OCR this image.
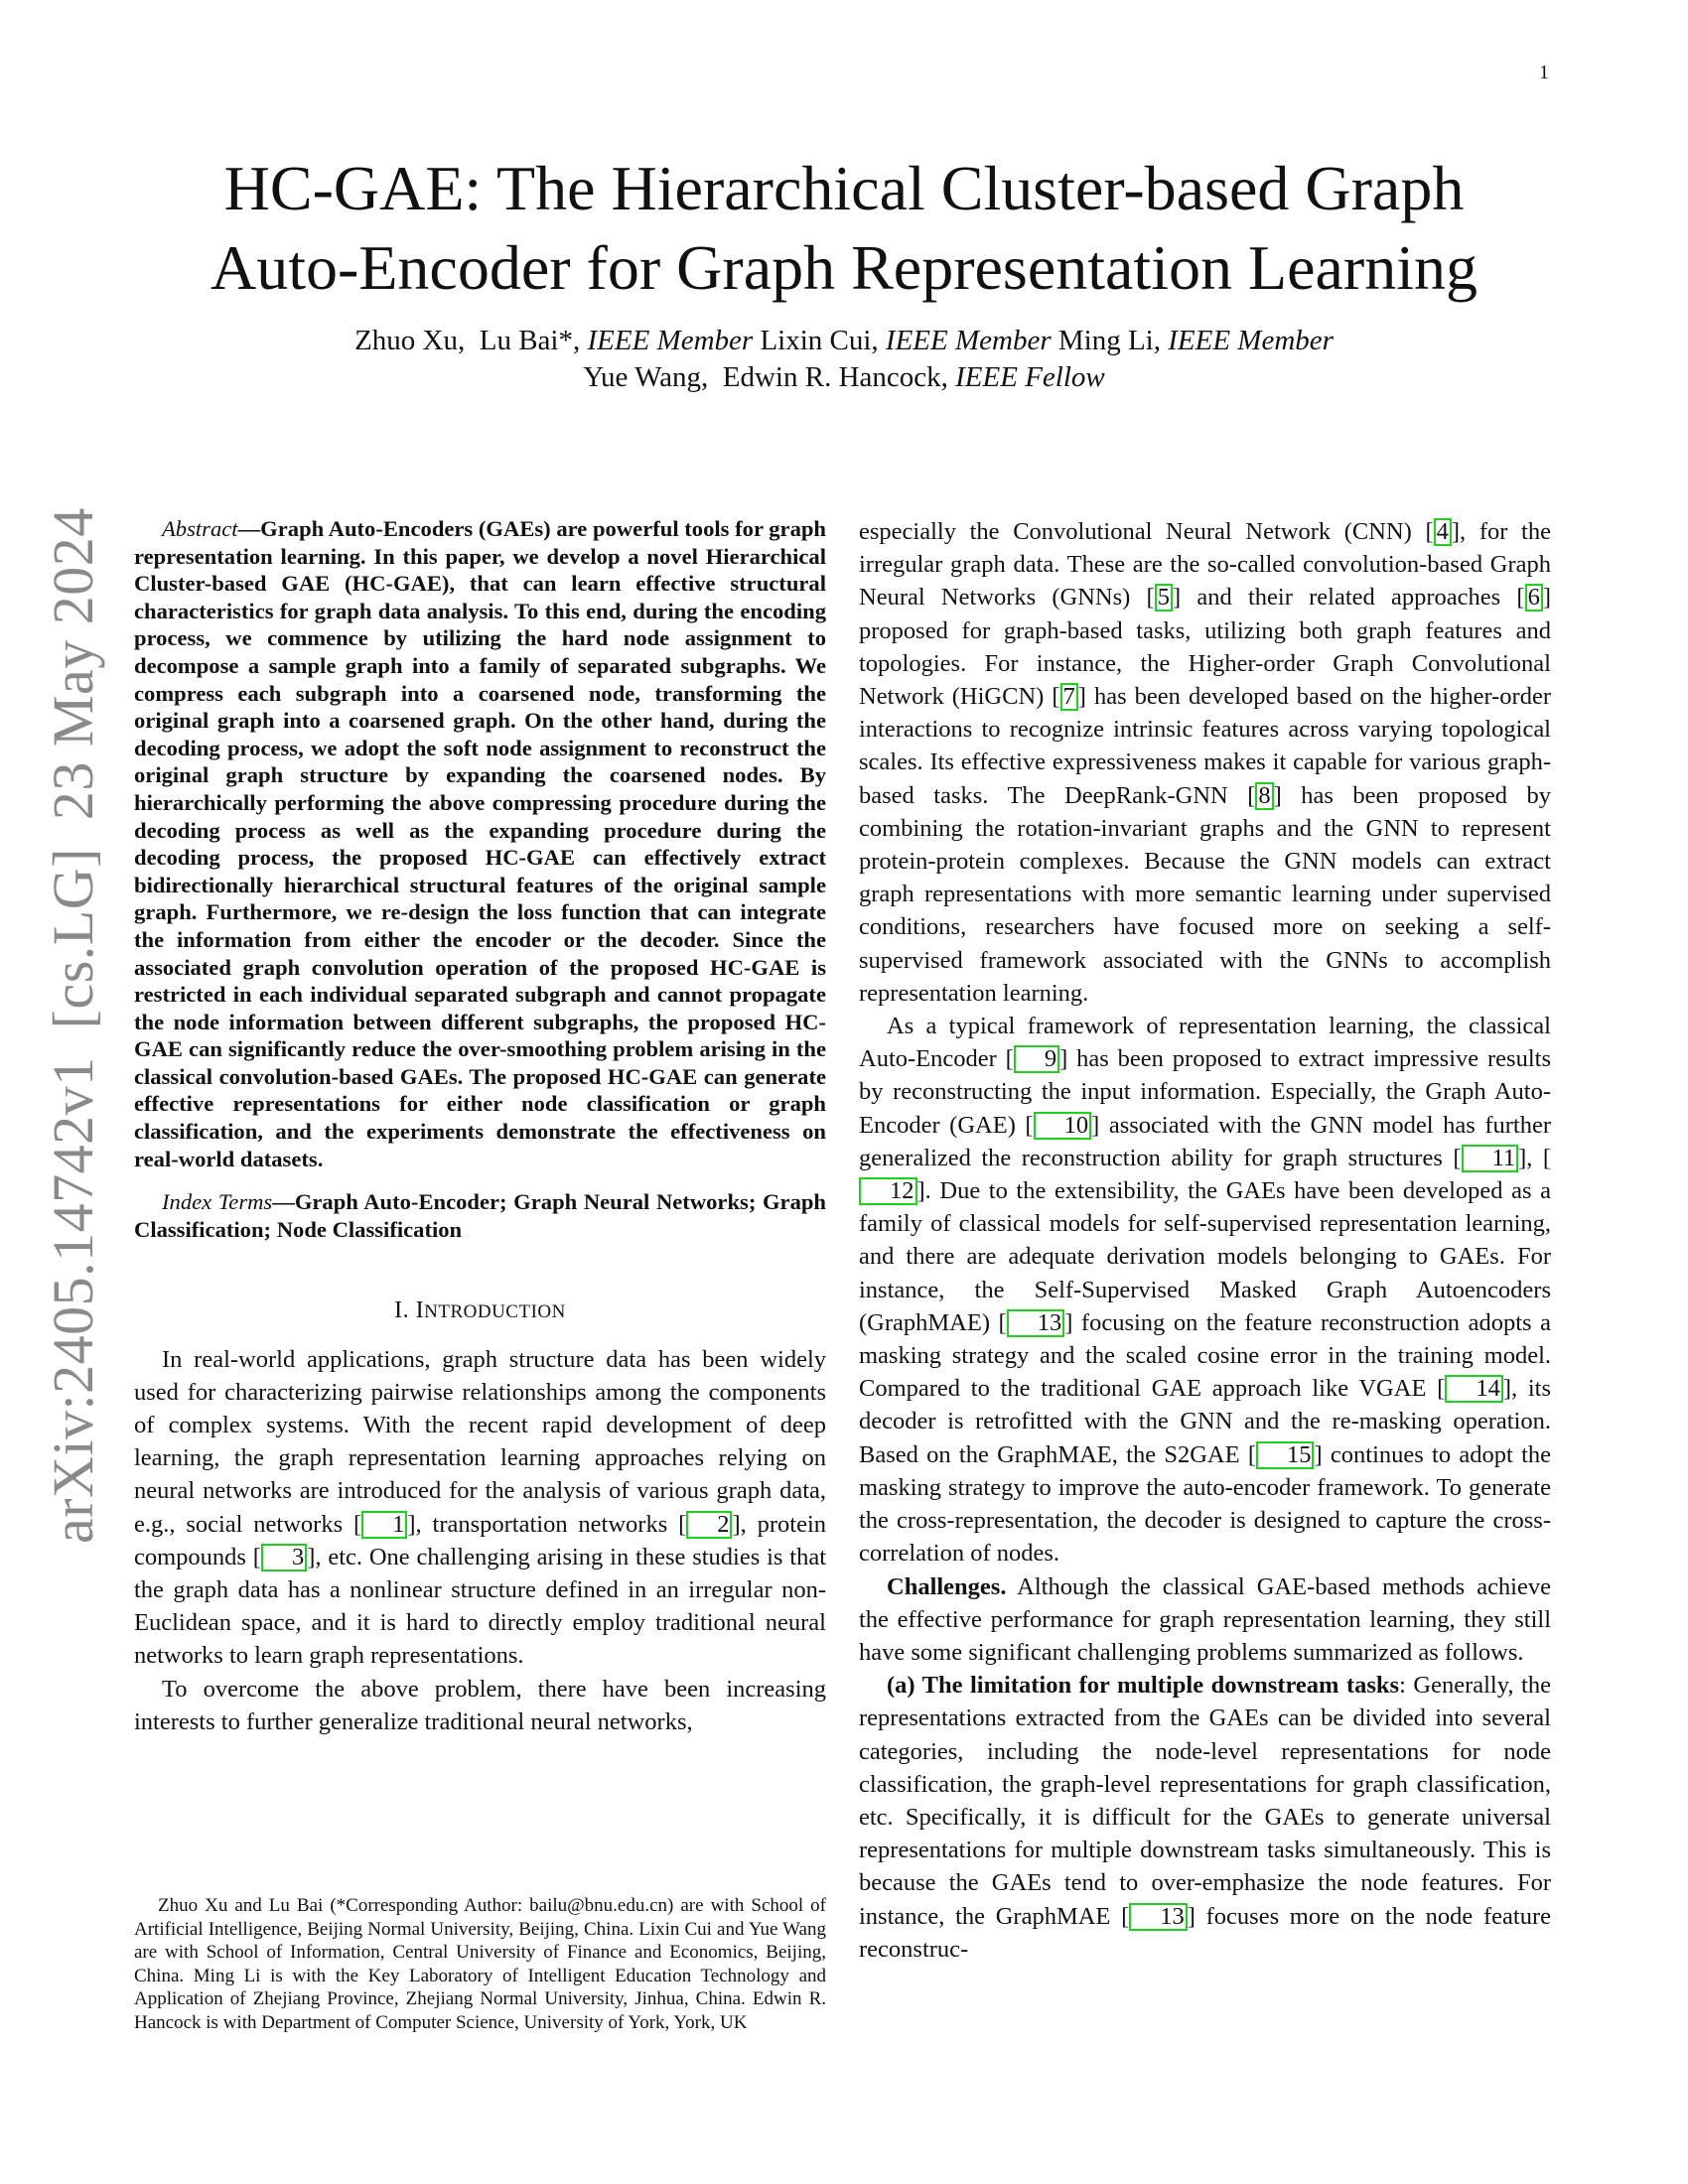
1
arXiv:2405.14742v1[cs.LG]23 May 2024
HC-GAE: The Hierarchical Cluster-based Graph
Auto-Encoder for Graph Representation Learning
Zhuo Xu, Lu Bai*, IEEE Member Lixin Cui, IEEE Member Ming Li, IEEE Member
Yue Wang, Edwin R. Hancock, IEEE Fellow

Abstract—Graph Auto-Encoders (GAEs) are powerful tools for graph representation learning. In this paper, we develop a novel Hierarchical Cluster-based GAE (HC-GAE), that can learn effective structural characteristics for graph data analysis. To this end, during the encoding process, we commence by utilizing the hard node assignment to decompose a sample graph into a family of separated subgraphs. We compress each subgraph into a coarsened node, transforming the original graph into a coarsened graph. On the other hand, during the decoding process, we adopt the soft node assignment to reconstruct the original graph structure by expanding the coarsened nodes. By hierarchically performing the above compressing procedure during the decoding process as well as the expanding procedure during the decoding process, the proposed HC-GAE can effectively extract bidirectionally hierarchical structural features of the original sample graph. Furthermore, we re-design the loss function that can integrate the information from either the encoder or the decoder. Since the associated graph convolution operation of the proposed HC-GAE is restricted in each individual separated subgraph and cannot propagate the node information between different subgraphs, the proposed HC-GAE can significantly reduce the over-smoothing problem arising in the classical convolution-based GAEs. The proposed HC-GAE can generate effective representations for either node classification or graph classification, and the experiments demonstrate the effectiveness on real-world datasets.

Index Terms—Graph Auto-Encoder; Graph Neural Networks; Graph Classification; Node Classification

I. INTRODUCTION

In real-world applications, graph structure data has been widely used for characterizing pairwise relationships among the components of complex systems. With the recent rapid development of deep learning, the graph representation learning approaches relying on neural networks are introduced for the analysis of various graph data, e.g., social networks [ 1 ], transportation networks [ 2 ], protein compounds [ 3 ], etc. One challenging arising in these studies is that the graph data has a nonlinear structure defined in an irregular non-Euclidean space, and it is hard to directly employ traditional neural networks to learn graph representations.

To overcome the above problem, there have been increasing interests to further generalize traditional neural networks,

Zhuo Xu and Lu Bai (*Corresponding Author: bailu@bnu.edu.cn) are with School of Artificial Intelligence, Beijing Normal University, Beijing, China. Lixin Cui and Yue Wang are with School of Information, Central University of Finance and Economics, Beijing, China. Ming Li is with the Key Laboratory of Intelligent Education Technology and Application of Zhejiang Province, Zhejiang Normal University, Jinhua, China. Edwin R. Hancock is with Department of Computer Science, University of York, York, UK

especially the Convolutional Neural Network (CNN) [ 4 ], for the irregular graph data. These are the so-called convolution-based Graph Neural Networks (GNNs) [ 5 ] and their related approaches [ 6 ] proposed for graph-based tasks, utilizing both graph features and topologies. For instance, the Higher-order Graph Convolutional Network (HiGCN) [ 7 ] has been developed based on the higher-order interactions to recognize intrinsic features across varying topological scales. Its effective expressiveness makes it capable for various graph-based tasks. The DeepRank-GNN [ 8 ] has been proposed by combining the rotation-invariant graphs and the GNN to represent protein-protein complexes. Because the GNN models can extract graph representations with more semantic learning under supervised conditions, researchers have focused more on seeking a self-supervised framework associated with the GNNs to accomplish representation learning.

As a typical framework of representation learning, the classical Auto-Encoder [ 9 ] has been proposed to extract impressive results by reconstructing the input information. Especially, the Graph Auto-Encoder (GAE) [ 10 ] associated with the GNN model has further generalized the reconstruction ability for graph structures [ 11 ], [12 ]. Due to the extensibility, the GAEs have been developed as a family of classical models for self-supervised representation learning, and there are adequate derivation models belonging to GAEs. For instance, the Self-Supervised Masked Graph Autoencoders (GraphMAE) [ 13 ] focusing on the feature reconstruction adopts a masking strategy and the scaled cosine error in the training model. Compared to the traditional GAE approach like VGAE [ 14 ], its decoder is retrofitted with the GNN and the re-masking operation. Based on the GraphMAE, the S2GAE [ 15 ] continues to adopt the masking strategy to improve the auto-encoder framework. To generate the cross-representation, the decoder is designed to capture the cross-correlation of nodes.

Challenges. Although the classical GAE-based methods achieve the effective performance for graph representation learning, they still have some significant challenging problems summarized as follows.

(a) The limitation for multiple downstream tasks: Generally, the representations extracted from the GAEs can be divided into several categories, including the node-level representations for node classification, the graph-level representations for graph classification, etc. Specifically, it is difficult for the GAEs to generate universal representations for multiple downstream tasks simultaneously. This is because the GAEs tend to over-emphasize the node features. For instance, the GraphMAE [ 13 ] focuses more on the node feature reconstruc-
